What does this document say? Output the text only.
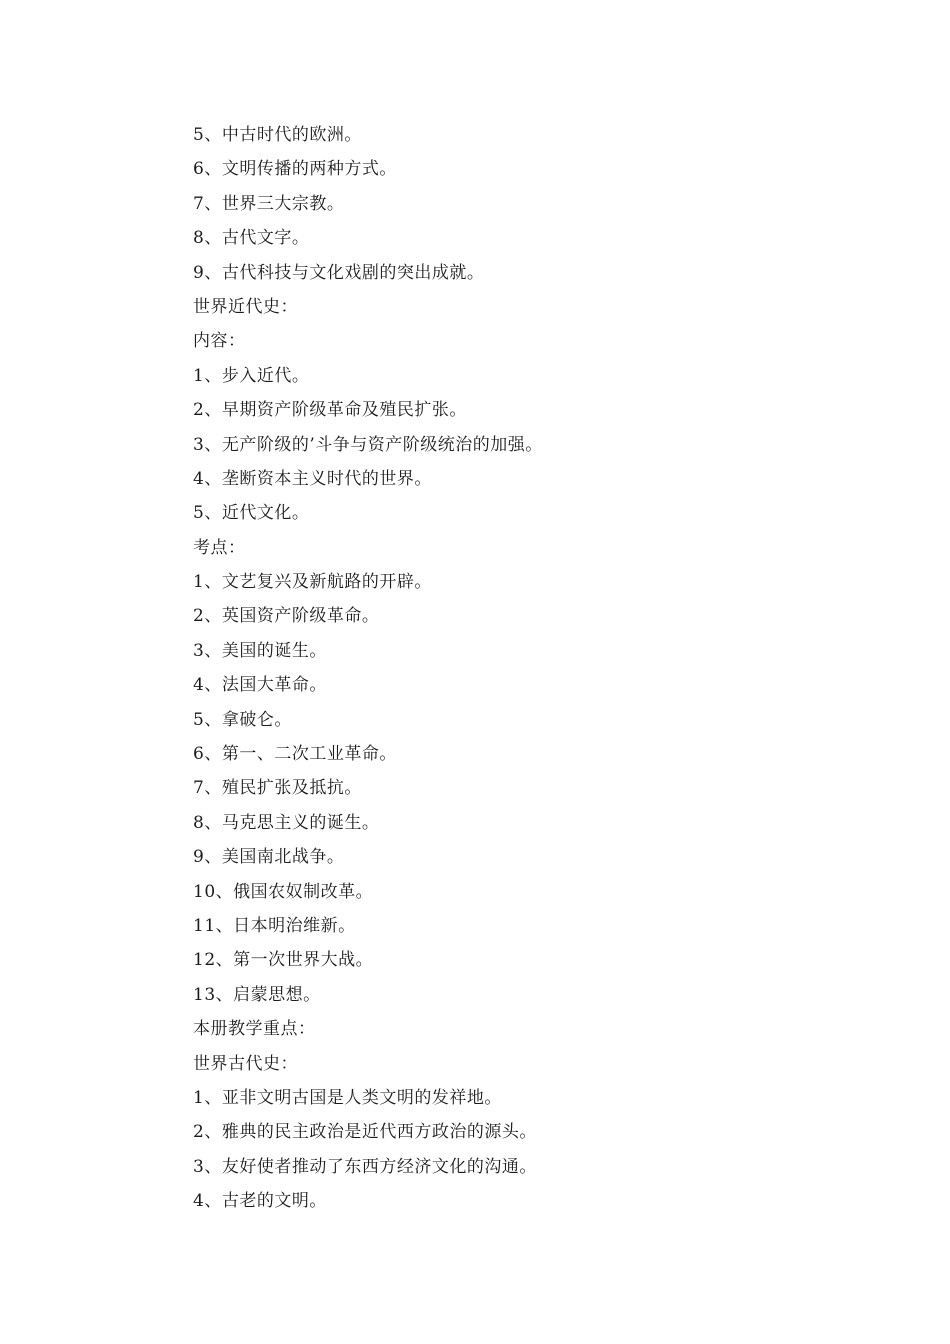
5、中古时代的欧洲。
6、文明传播的两种方式。
7、世界三大宗教。
8、古代文字。
9、古代科技与文化戏剧的突出成就。
世界近代史：
内容：
1、步入近代。
2、早期资产阶级革命及殖民扩张。
3、无产阶级的’斗争与资产阶级统治的加强。
4、垄断资本主义时代的世界。
5、近代文化。
考点：
1、文艺复兴及新航路的开辟。
2、英国资产阶级革命。
3、美国的诞生。
4、法国大革命。
5、拿破仑。
6、第一、二次工业革命。
7、殖民扩张及抵抗。
8、马克思主义的诞生。
9、美国南北战争。
10、俄国农奴制改革。
11、日本明治维新。
12、第一次世界大战。
13、启蒙思想。
本册教学重点：
世界古代史：
1、亚非文明古国是人类文明的发祥地。
2、雅典的民主政治是近代西方政治的源头。
3、友好使者推动了东西方经济文化的沟通。
4、古老的文明。
